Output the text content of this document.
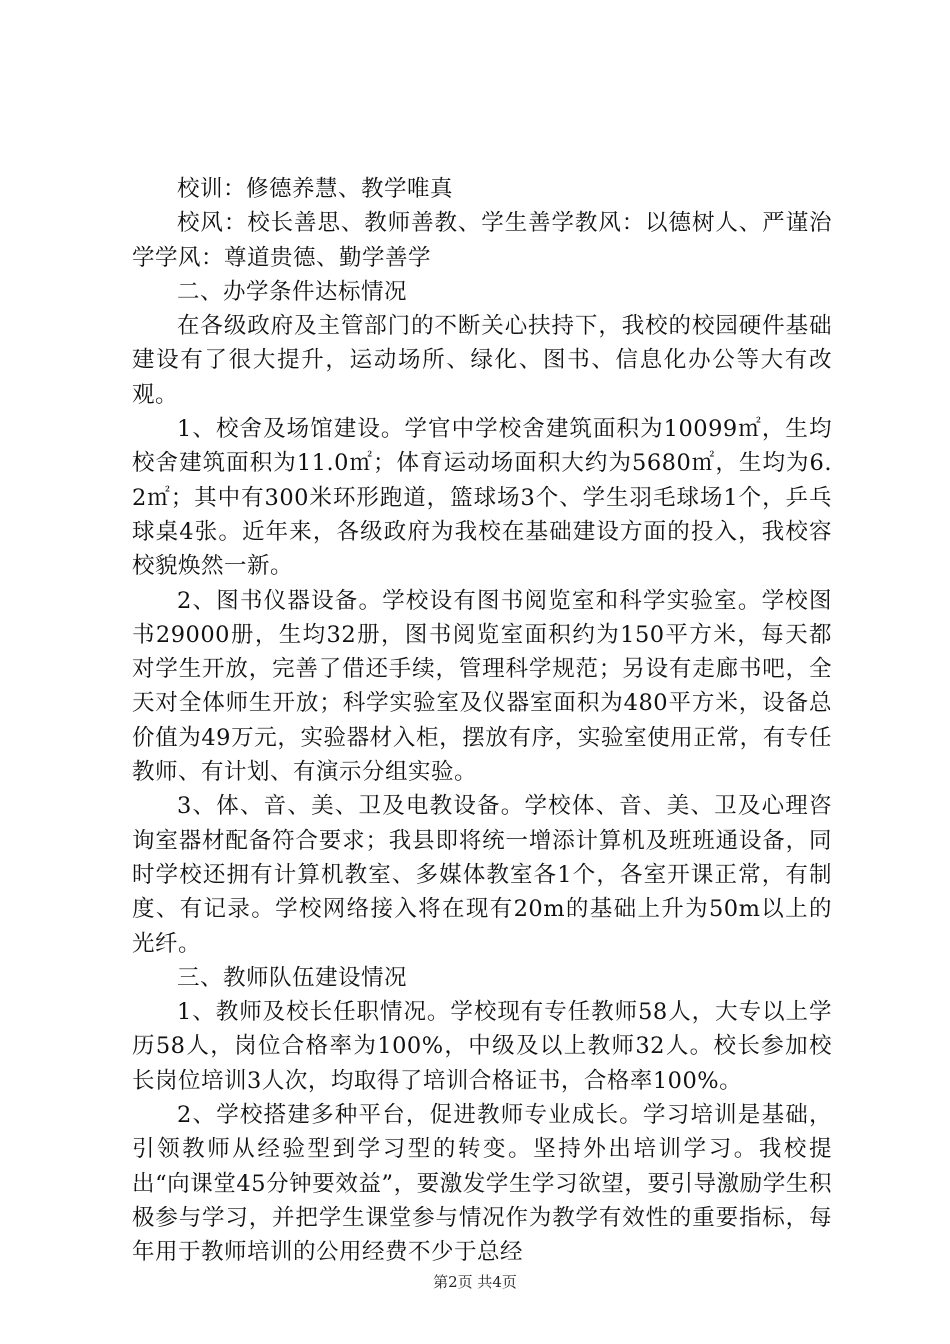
校训：修德养慧、教学唯真

校风：校长善思、教师善教、学生善学教风：以德树人、严谨治学学风：尊道贵德、勤学善学

二、办学条件达标情况

在各级政府及主管部门的不断关心扶持下，我校的校园硬件基础建设有了很大提升，运动场所、绿化、图书、信息化办公等大有改观。

1、校舍及场馆建设。学官中学校舍建筑面积为10099㎡，生均校舍建筑面积为11.0㎡；体育运动场面积大约为5680㎡，生均为6.2㎡；其中有300米环形跑道，篮球场3个、学生羽毛球场1个，乒乓球桌4张。近年来，各级政府为我校在基础建设方面的投入，我校容校貌焕然一新。

2、图书仪器设备。学校设有图书阅览室和科学实验室。学校图书29000册，生均32册，图书阅览室面积约为150平方米，每天都对学生开放，完善了借还手续，管理科学规范；另设有走廊书吧，全天对全体师生开放；科学实验室及仪器室面积为480平方米，设备总价值为49万元，实验器材入柜，摆放有序，实验室使用正常，有专任教师、有计划、有演示分组实验。

3、体、音、美、卫及电教设备。学校体、音、美、卫及心理咨询室器材配备符合要求；我县即将统一增添计算机及班班通设备，同时学校还拥有计算机教室、多媒体教室各1个，各室开课正常，有制度、有记录。学校网络接入将在现有20m的基础上升为50m以上的光纤。

三、教师队伍建设情况

1、教师及校长任职情况。学校现有专任教师58人，大专以上学历58人，岗位合格率为100%，中级及以上教师32人。校长参加校长岗位培训3人次，均取得了培训合格证书，合格率100%。

2、学校搭建多种平台，促进教师专业成长。学习培训是基础，引领教师从经验型到学习型的转变。坚持外出培训学习。我校提出“向课堂45分钟要效益”，要激发学生学习欲望，要引导激励学生积极参与学习，并把学生课堂参与情况作为教学有效性的重要指标，每年用于教师培训的公用经费不少于总经

第2页 共4页
